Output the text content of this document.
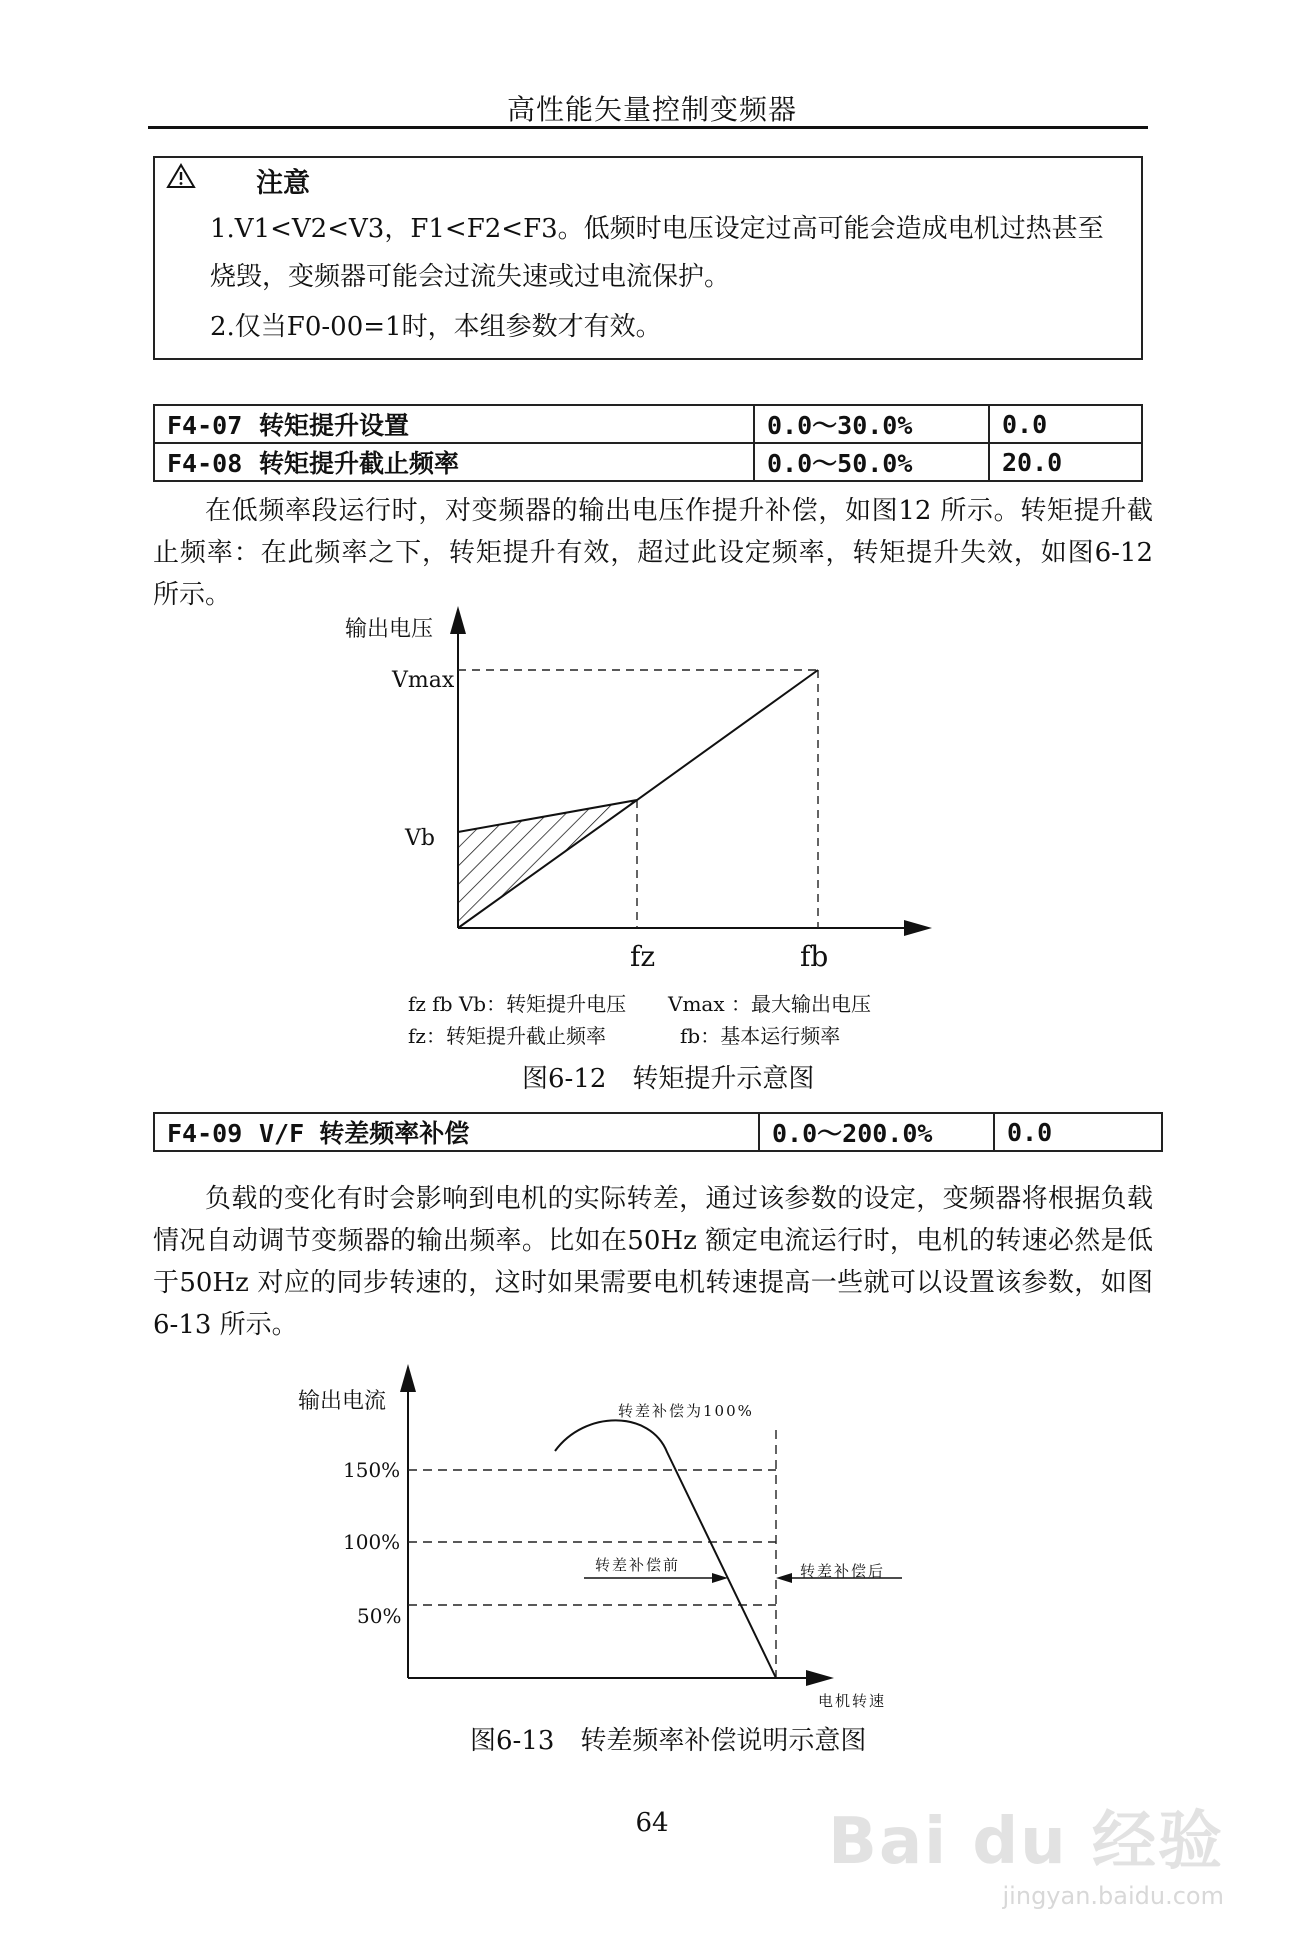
高性能矢量控制变频器
注意
1.V1<V2<V3，F1<F2<F3。低频时电压设定过高可能会造成电机过热甚至
烧毁，变频器可能会过流失速或过电流保护。
2.仅当F0-00=1时，本组参数才有效。
F4-07 转矩提升设置	0.0～30.0%	0.0
F4-08 转矩提升截止频率	0.0～50.0%	20.0
在低频率段运行时，对变频器的输出电压作提升补偿，如图12 所示。转矩提升截止频率：在此频率之下，转矩提升有效，超过此设定频率，转矩提升失效，如图6-12 所示。
输出电压
Vmax
Vb
fz	fb
fz fb Vb：转矩提升电压 Vmax ：最大输出电压
fz：转矩提升截止频率	fb：基本运行频率
图6-12　转矩提升示意图
F4-09 V/F 转差频率补偿	0.0～200.0%	0.0
负载的变化有时会影响到电机的实际转差，通过该参数的设定，变频器将根据负载情况自动调节变频器的输出频率。比如在50Hz 额定电流运行时，电机的转速必然是低于50Hz 对应的同步转速的，这时如果需要电机转速提高一些就可以设置该参数，如图6-13 所示。
输出电流
150%
100%
50%
转差补偿为100%
转差补偿前	转差补偿后
电机转速
图6-13　转差频率补偿说明示意图
64	Bai du 经验
jingyan.baidu.com
